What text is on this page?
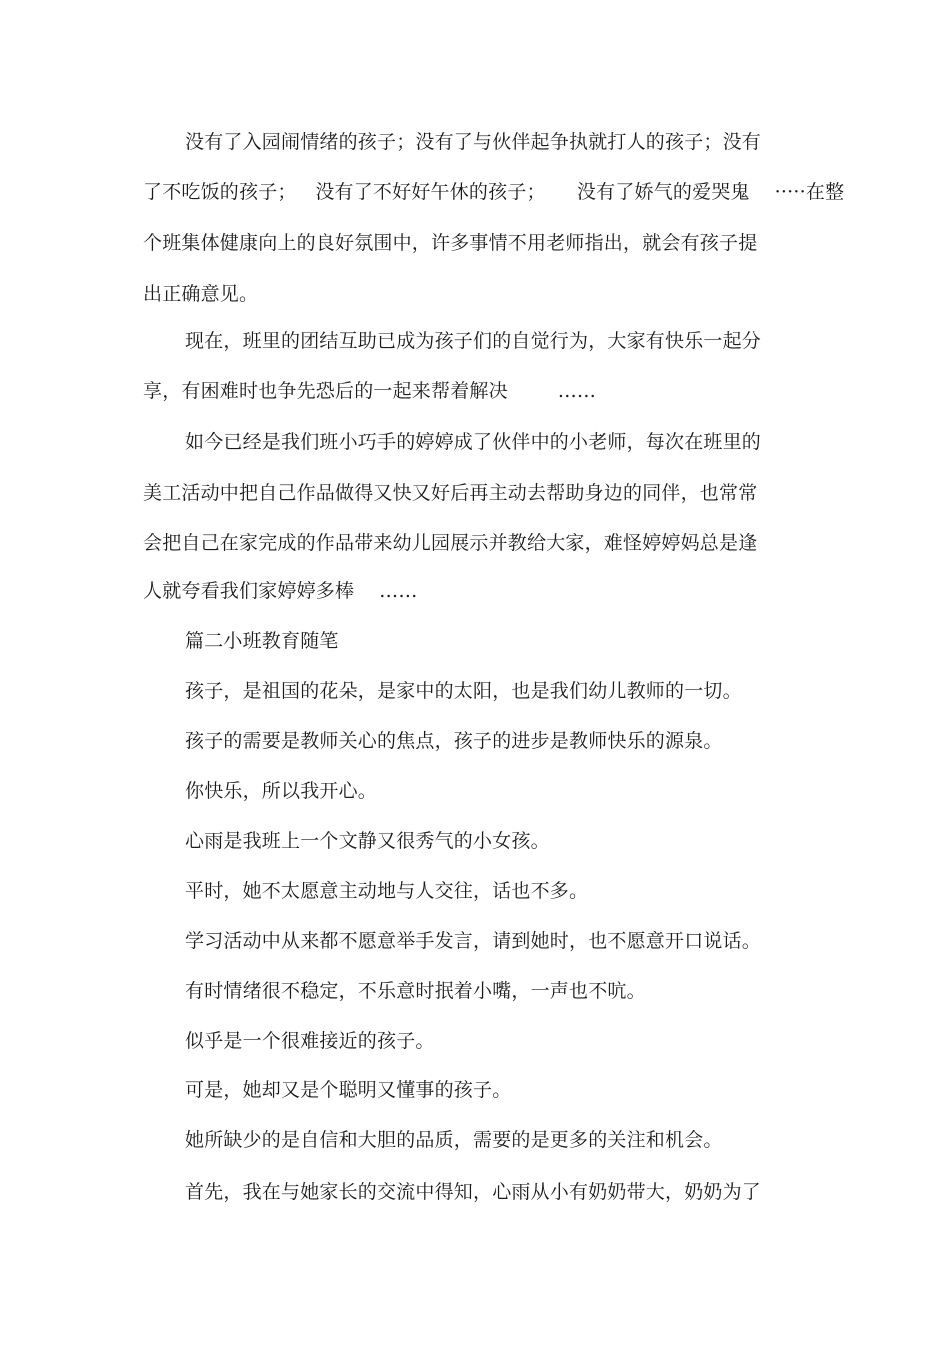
没有了入园闹情绪的孩子；没有了与伙伴起争执就打人的孩子；没有
了不吃饭的孩子；   没有了不好好午休的孩子；     没有了娇气的爱哭鬼    ·····在整
个班集体健康向上的良好氛围中，许多事情不用老师指出，就会有孩子提
出正确意见。
现在，班里的团结互助已成为孩子们的自觉行为，大家有快乐一起分
享，有困难时也争先恐后的一起来帮着解决        ……
如今已经是我们班小巧手的婷婷成了伙伴中的小老师，每次在班里的
美工活动中把自己作品做得又快又好后再主动去帮助身边的同伴，也常常
会把自己在家完成的作品带来幼儿园展示并教给大家，难怪婷婷妈总是逢
人就夸看我们家婷婷多棒    ……
篇二小班教育随笔
孩子，是祖国的花朵，是家中的太阳，也是我们幼儿教师的一切。
孩子的需要是教师关心的焦点，孩子的进步是教师快乐的源泉。
你快乐，所以我开心。
心雨是我班上一个文静又很秀气的小女孩。
平时，她不太愿意主动地与人交往，话也不多。
学习活动中从来都不愿意举手发言，请到她时，也不愿意开口说话。
有时情绪很不稳定，不乐意时抿着小嘴，一声也不吭。
似乎是一个很难接近的孩子。
可是，她却又是个聪明又懂事的孩子。
她所缺少的是自信和大胆的品质，需要的是更多的关注和机会。
首先，我在与她家长的交流中得知，心雨从小有奶奶带大，奶奶为了
